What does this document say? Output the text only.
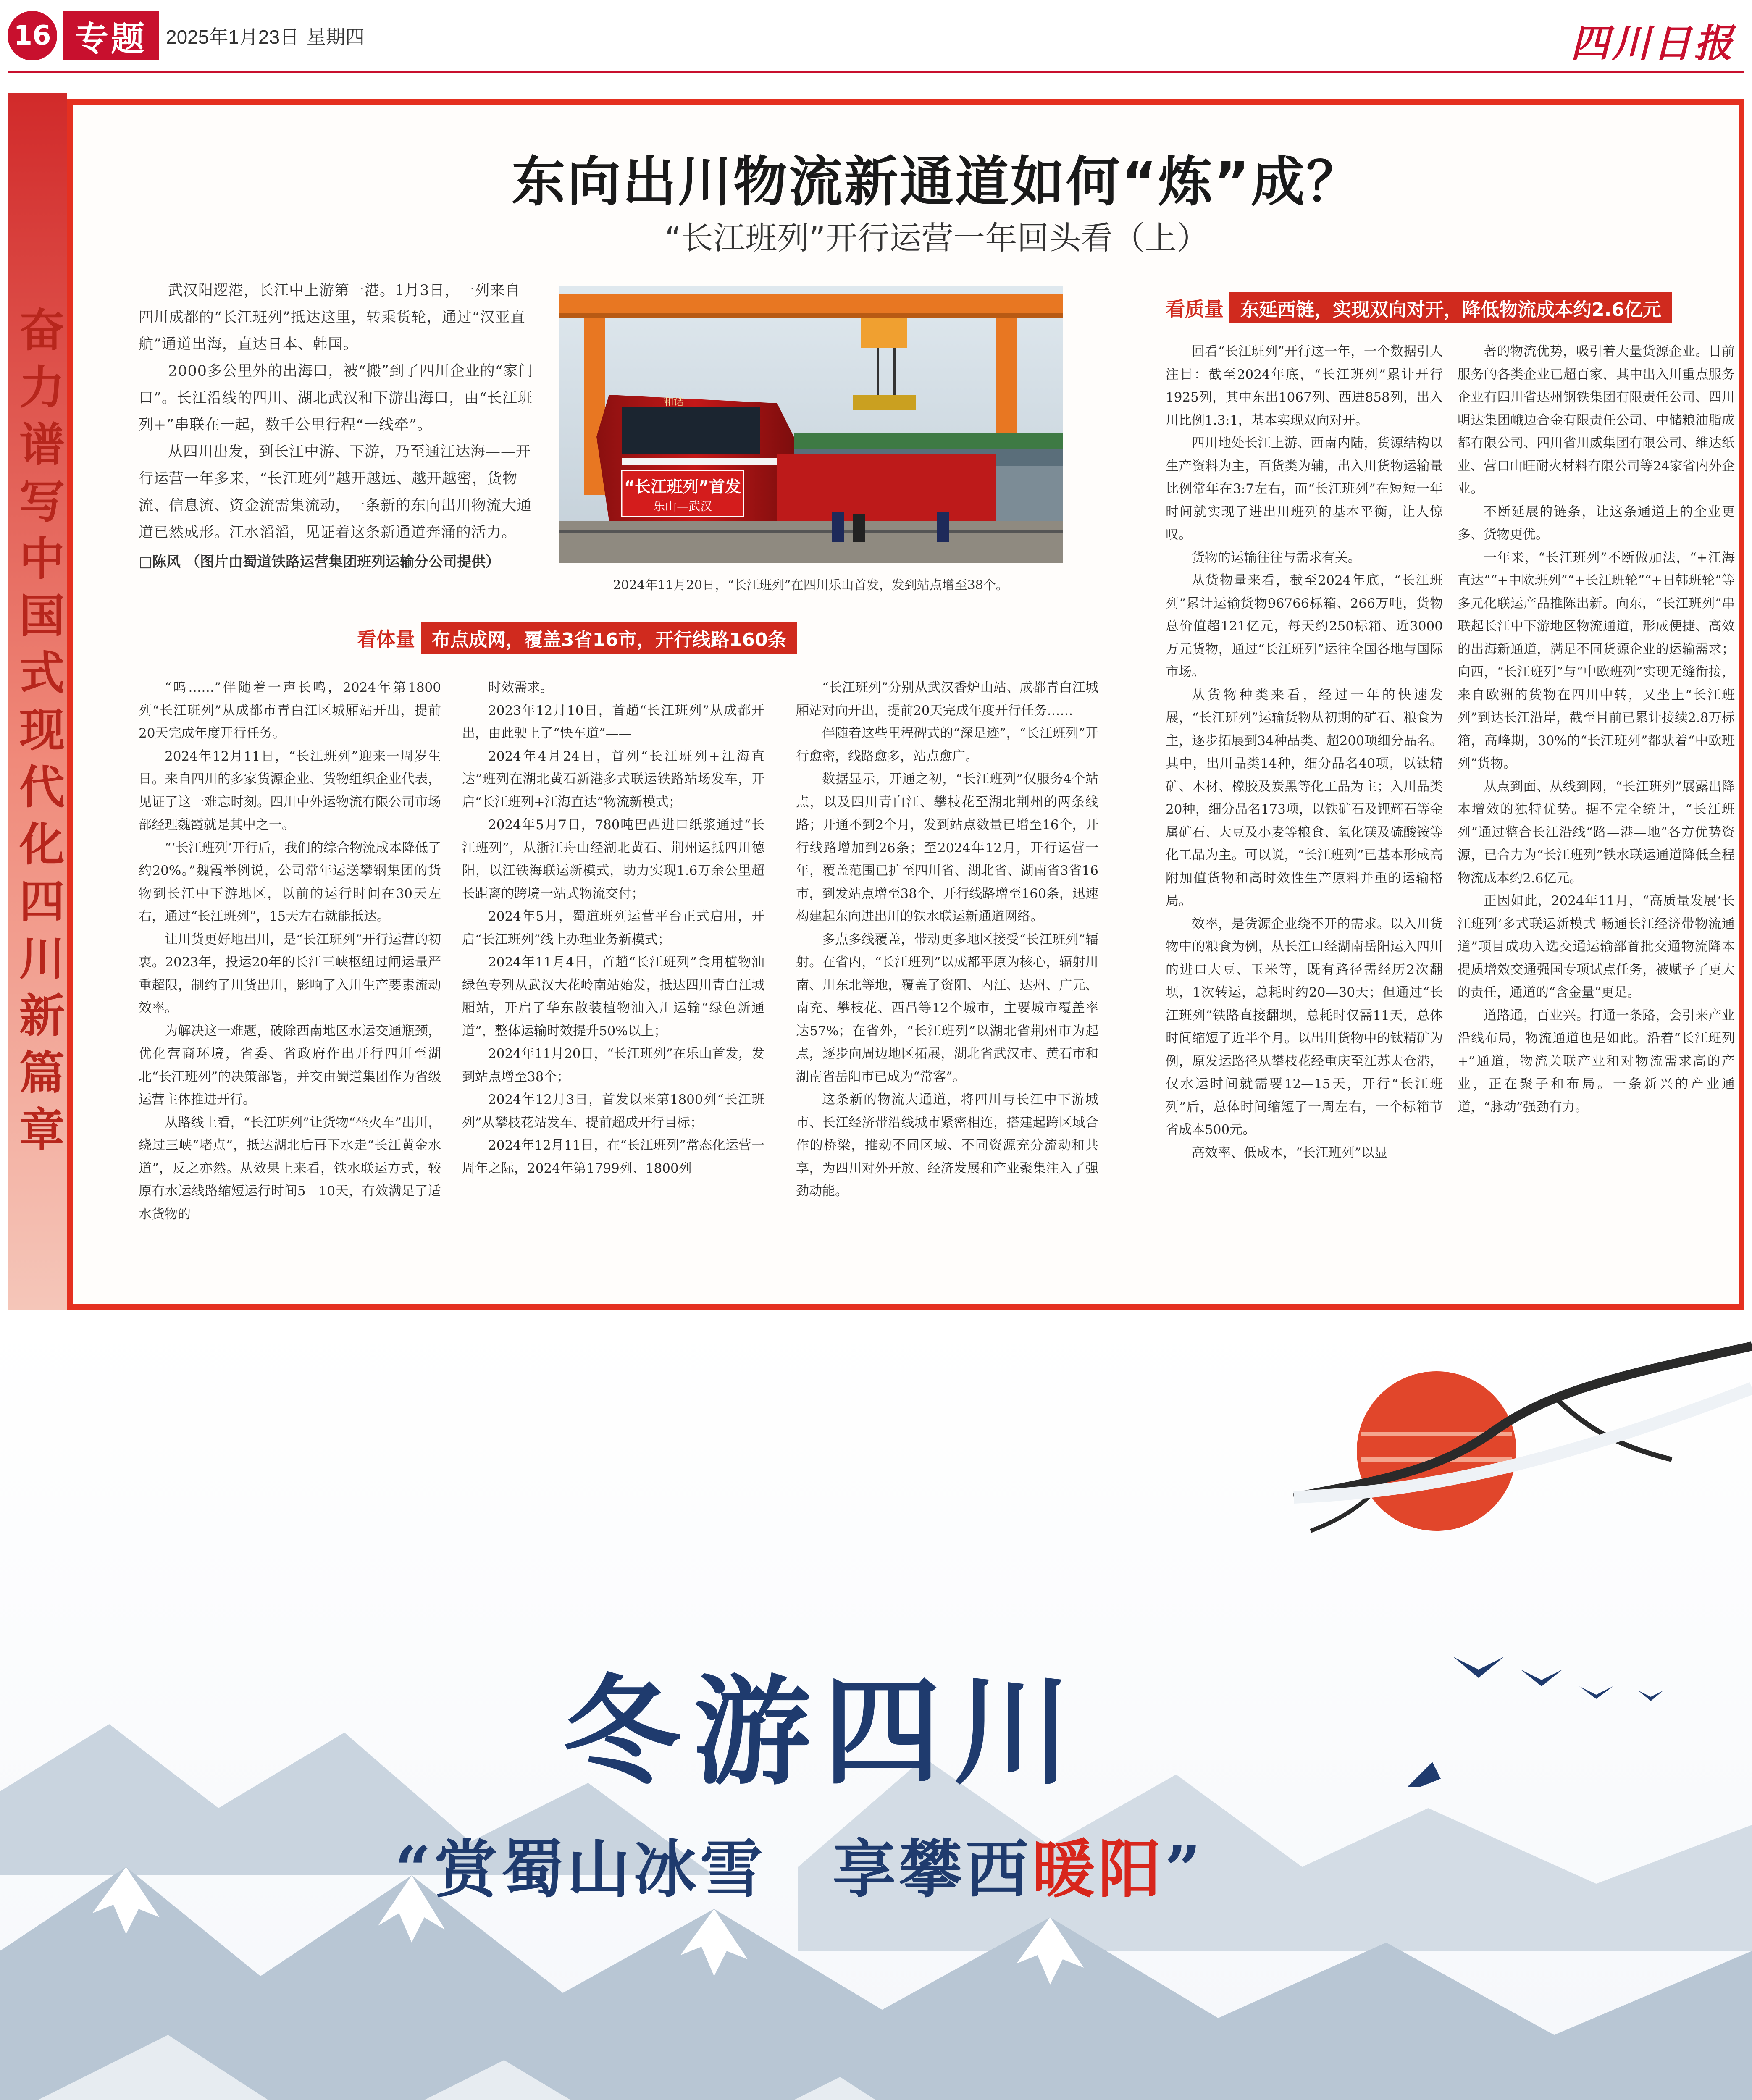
16 专题 2025年1月23日 星期四	四川日报
奋力谱写中国式现代化四川新篇章
东向出川物流新通道如何“炼”成？
“长江班列”开行运营一年回头看（上）

武汉阳逻港，长江中上游第一港。1月3日，一列来自四川成都的“长江班列”抵达这里，转乘货轮，通过“汉亚直航”通道出海，直达日本、韩国。

2000多公里外的出海口，被“搬”到了四川企业的“家门口”。长江沿线的四川、湖北武汉和下游出海口，由“长江班列+”串联在一起，数千公里行程“一线牵”。

从四川出发，到长江中游、下游，乃至通江达海——开行运营一年多来，“长江班列”越开越远、越开越密，货物流、信息流、资金流需集流动，一条新的东向出川物流大通道已然成形。江水滔滔，见证着这条新通道奔涌的活力。

□陈风 （图片由蜀道铁路运营集团班列运输分公司提供）

和谐
“长江班列”首发
乐山—武汉
2024年11月20日，“长江班列”在四川乐山首发，发到站点增至38个。
看体量 布点成网，覆盖3省16市，开行线路160条
看质量 东延西链，实现双向对开，降低物流成本约2.6亿元

“呜……”伴随着一声长鸣，2024年第1800列“长江班列”从成都市青白江区城厢站开出，提前20天完成年度开行任务。

2024年12月11日，“长江班列”迎来一周岁生日。来自四川的多家货源企业、货物组织企业代表，见证了这一难忘时刻。四川中外运物流有限公司市场部经理魏霞就是其中之一。

“‘长江班列’开行后，我们的综合物流成本降低了约20%。”魏霞举例说，公司常年运送攀钢集团的货物到长江中下游地区，以前的运行时间在30天左右，通过“长江班列”，15天左右就能抵达。

让川货更好地出川，是“长江班列”开行运营的初衷。2023年，投运20年的长江三峡枢纽过闸运量严重超限，制约了川货出川，影响了入川生产要素流动效率。

为解决这一难题，破除西南地区水运交通瓶颈，优化营商环境，省委、省政府作出开行四川至湖北“长江班列”的决策部署，并交由蜀道集团作为省级运营主体推进开行。

从路线上看，“长江班列”让货物“坐火车”出川，绕过三峡“堵点”，抵达湖北后再下水走“长江黄金水道”，反之亦然。从效果上来看，铁水联运方式，较原有水运线路缩短运行时间5—10天，有效满足了适水货物的

时效需求。

2023年12月10日，首趟“长江班列”从成都开出，由此驶上了“快车道”——

2024年4月24日，首列“长江班列+江海直达”班列在湖北黄石新港多式联运铁路站场发车，开启“长江班列+江海直达”物流新模式；

2024年5月7日，780吨巴西进口纸浆通过“长江班列”，从浙江舟山经湖北黄石、荆州运抵四川德阳，以江铁海联运新模式，助力实现1.6万余公里超长距离的跨境一站式物流交付；

2024年5月，蜀道班列运营平台正式启用，开启“长江班列”线上办理业务新模式；

2024年11月4日，首趟“长江班列”食用植物油绿色专列从武汉大花岭南站始发，抵达四川青白江城厢站，开启了华东散装植物油入川运输“绿色新通道”，整体运输时效提升50%以上；

2024年11月20日，“长江班列”在乐山首发，发到站点增至38个；

2024年12月3日，首发以来第1800列“长江班列”从攀枝花站发车，提前超成开行目标；

2024年12月11日，在“长江班列”常态化运营一周年之际，2024年第1799列、1800列

“长江班列”分别从武汉香炉山站、成都青白江城厢站对向开出，提前20天完成年度开行任务……

伴随着这些里程碑式的“深足迹”，“长江班列”开行愈密，线路愈多，站点愈广。

数据显示，开通之初，“长江班列”仅服务4个站点，以及四川青白江、攀枝花至湖北荆州的两条线路；开通不到2个月，发到站点数量已增至16个，开行线路增加到26条；至2024年12月，开行运营一年，覆盖范围已扩至四川省、湖北省、湖南省3省16市，到发站点增至38个，开行线路增至160条，迅速构建起东向进出川的铁水联运新通道网络。

多点多线覆盖，带动更多地区接受“长江班列”辐射。在省内，“长江班列”以成都平原为核心，辐射川南、川东北等地，覆盖了资阳、内江、达州、广元、南充、攀枝花、西昌等12个城市，主要城市覆盖率达57%；在省外，“长江班列”以湖北省荆州市为起点，逐步向周边地区拓展，湖北省武汉市、黄石市和湖南省岳阳市已成为“常客”。

这条新的物流大通道，将四川与长江中下游城市、长江经济带沿线城市紧密相连，搭建起跨区域合作的桥梁，推动不同区域、不同资源充分流动和共享，为四川对外开放、经济发展和产业聚集注入了强劲动能。

回看“长江班列”开行这一年，一个数据引人注目：截至2024年底，“长江班列”累计开行1925列，其中东出1067列、西进858列，出入川比例1.3:1，基本实现双向对开。

四川地处长江上游、西南内陆，货源结构以生产资料为主，百货类为辅，出入川货物运输量比例常年在3:7左右，而“长江班列”在短短一年时间就实现了进出川班列的基本平衡，让人惊叹。

货物的运输往往与需求有关。

从货物量来看，截至2024年底，“长江班列”累计运输货物96766标箱、266万吨，货物总价值超121亿元，每天约250标箱、近3000万元货物，通过“长江班列”运往全国各地与国际市场。

从货物种类来看，经过一年的快速发展，“长江班列”运输货物从初期的矿石、粮食为主，逐步拓展到34种品类、超200项细分品名。其中，出川品类14种，细分品名40项，以钛精矿、木材、橡胶及炭黑等化工品为主；入川品类20种，细分品名173项，以铁矿石及锂辉石等金属矿石、大豆及小麦等粮食、氧化镁及硫酸铵等化工品为主。可以说，“长江班列”已基本形成高附加值货物和高时效性生产原料并重的运输格局。

效率，是货源企业绕不开的需求。以入川货物中的粮食为例，从长江口经湖南岳阳运入四川的进口大豆、玉米等，既有路径需经历2次翻坝，1次转运，总耗时约20—30天；但通过“长江班列”铁路直接翻坝，总耗时仅需11天，总体时间缩短了近半个月。以出川货物中的钛精矿为例，原发运路径从攀枝花经重庆至江苏太仓港，仅水运时间就需要12—15天，开行“长江班列”后，总体时间缩短了一周左右，一个标箱节省成本500元。

高效率、低成本，“长江班列”以显

著的物流优势，吸引着大量货源企业。目前服务的各类企业已超百家，其中出入川重点服务企业有四川省达州钢铁集团有限责任公司、四川明达集团峨边合金有限责任公司、中储粮油脂成都有限公司、四川省川威集团有限公司、维达纸业、营口山旺耐火材料有限公司等24家省内外企业。

不断延展的链条，让这条通道上的企业更多、货物更优。

一年来，“长江班列”不断做加法，“+江海直达”“+中欧班列”“+长江班轮”“+日韩班轮”等多元化联运产品推陈出新。向东，“长江班列”串联起长江中下游地区物流通道，形成便捷、高效的出海新通道，满足不同货源企业的运输需求；向西，“长江班列”与“中欧班列”实现无缝衔接，来自欧洲的货物在四川中转，又坐上“长江班列”到达长江沿岸，截至目前已累计接续2.8万标箱，高峰期，30%的“长江班列”都驮着“中欧班列”货物。

从点到面、从线到网，“长江班列”展露出降本增效的独特优势。据不完全统计，“长江班列”通过整合长江沿线“路—港—地”各方优势资源，已合力为“长江班列”铁水联运通道降低全程物流成本约2.6亿元。

正因如此，2024年11月，“高质量发展‘长江班列’多式联运新模式 畅通长江经济带物流通道”项目成功入选交通运输部首批交通物流降本提质增效交通强国专项试点任务，被赋予了更大的责任，通道的“含金量”更足。

道路通，百业兴。打通一条路，会引来产业沿线布局，物流通道也是如此。沿着“长江班列+”通道，物流关联产业和对物流需求高的产业，正在聚子和布局。一条新兴的产业通道，“脉动”强劲有力。

冬游四川
“赏蜀山冰雪　享攀西暖阳”
